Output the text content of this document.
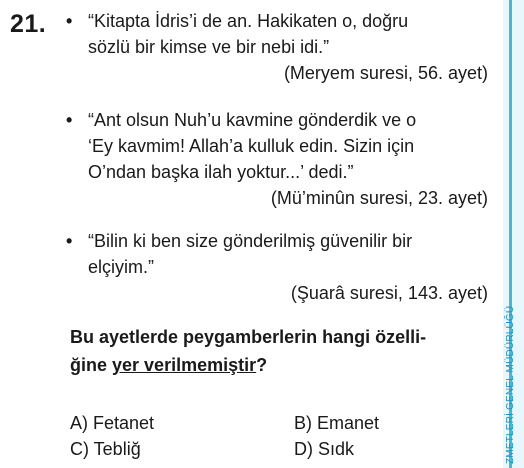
21. • “Kitapta İdris’i de an. Hakikaten o, doğru
sözlü bir kimse ve bir nebi idi.”
(Meryem suresi, 56. ayet)
• “Ant olsun Nuh’u kavmine gönderdik ve o
‘Ey kavmim! Allah’a kulluk edin. Sizin için
O’ndan başka ilah yoktur...’ dedi.”
(Mü’minûn suresi, 23. ayet)
• “Bilin ki ben size gönderilmiş güvenilir bir
elçiyim.”
(Şuarâ suresi, 143. ayet)
Bu ayetlerde peygamberlerin hangi özelli-
ğine yer verilmemiştir?
A) Fetanet	B) Emanet
C) Tebliğ	D) Sıdk	ZMETLERİ GENEL MÜDÜRLÜĞÜ
